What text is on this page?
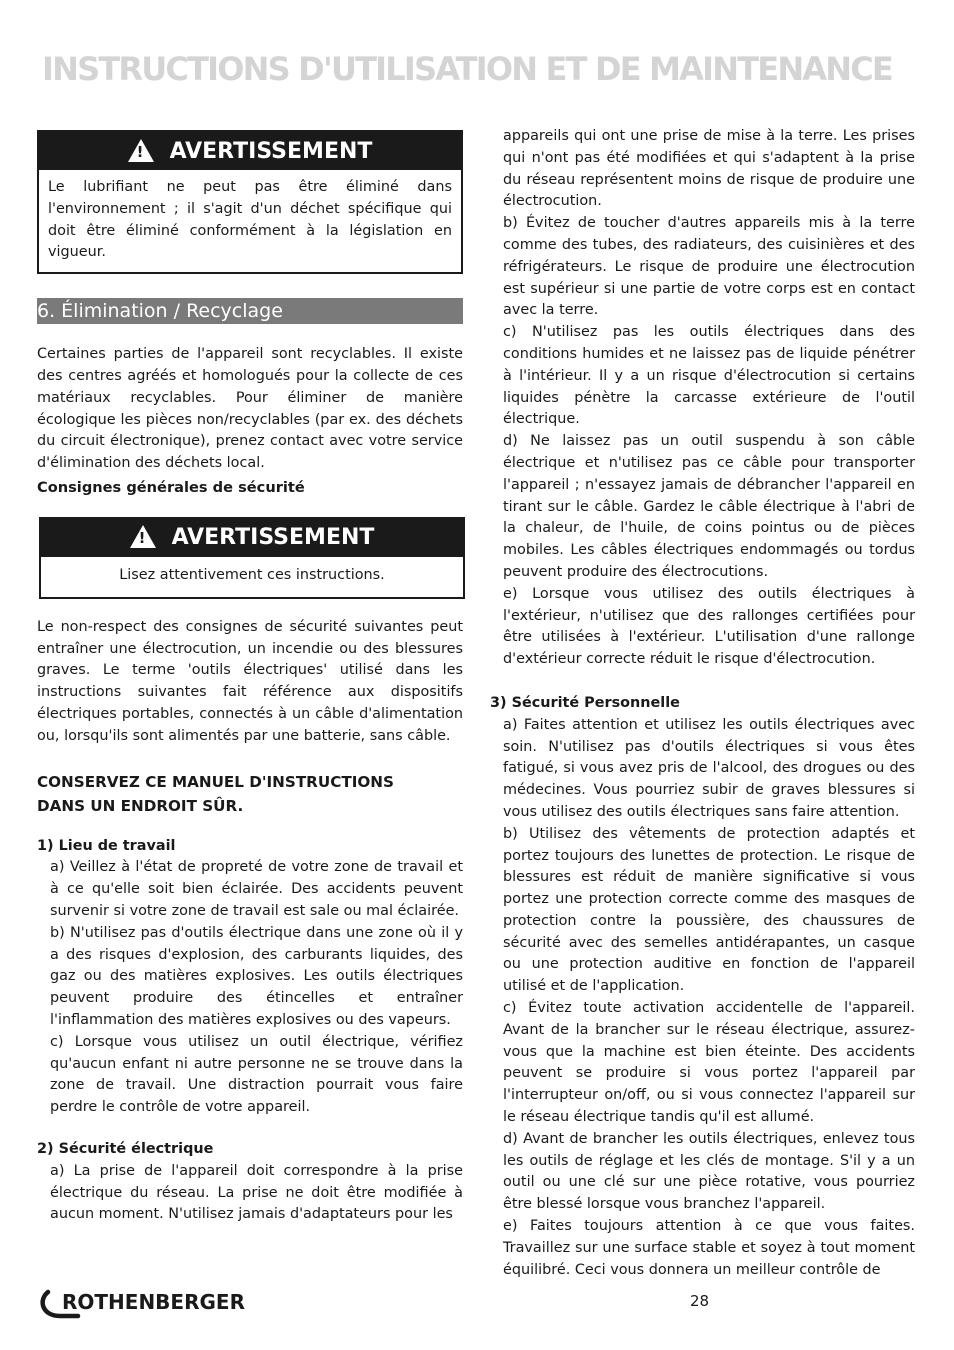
INSTRUCTIONS D'UTILISATION ET DE MAINTENANCE
! AVERTISSEMENT

Le lubrifiant ne peut pas être éliminé dans l'environnement ; il s'agit d'un déchet spécifique qui doit être éliminé conformément à la législation en vigueur.

6. Élimination / Recyclage

Certaines parties de l'appareil sont recyclables. Il existe des centres agréés et homologués pour la collecte de ces matériaux recyclables. Pour éliminer de manière écologique les pièces non/recyclables (par ex. des déchets du circuit électronique), prenez contact avec votre service d'élimination des déchets local.

Consignes générales de sécurité

! AVERTISSEMENT

Lisez attentivement ces instructions.

Le non-respect des consignes de sécurité suivantes peut entraîner une électrocution, un incendie ou des blessures graves. Le terme 'outils électriques' utilisé dans les instructions suivantes fait référence aux dispositifs électriques portables, connectés à un câble d'alimentation ou, lorsqu'ils sont alimentés par une batterie, sans câble.

CONSERVEZ CE MANUEL D'INSTRUCTIONS
DANS UN ENDROIT SÛR.

1) Lieu de travail

a) Veillez à l'état de propreté de votre zone de travail et à ce qu'elle soit bien éclairée. Des accidents peuvent survenir si votre zone de travail est sale ou mal éclairée.

b) N'utilisez pas d'outils électrique dans une zone où il y a des risques d'explosion, des carburants liquides, des gaz ou des matières explosives. Les outils électriques peuvent produire des étincelles et entraîner l'inflammation des matières explosives ou des vapeurs.

c) Lorsque vous utilisez un outil électrique, vérifiez qu'aucun enfant ni autre personne ne se trouve dans la zone de travail. Une distraction pourrait vous faire perdre le contrôle de votre appareil.

2) Sécurité électrique

a) La prise de l'appareil doit correspondre à la prise électrique du réseau. La prise ne doit être modifiée à aucun moment. N'utilisez jamais d'adaptateurs pour les

appareils qui ont une prise de mise à la terre. Les prises qui n'ont pas été modifiées et qui s'adaptent à la prise du réseau représentent moins de risque de produire une électrocution.

b) Évitez de toucher d'autres appareils mis à la terre comme des tubes, des radiateurs, des cuisinières et des réfrigérateurs. Le risque de produire une électrocution est supérieur si une partie de votre corps est en contact avec la terre.

c) N'utilisez pas les outils électriques dans des conditions humides et ne laissez pas de liquide pénétrer à l'intérieur. Il y a un risque d'électrocution si certains liquides pénètre la carcasse extérieure de l'outil électrique.

d) Ne laissez pas un outil suspendu à son câble électrique et n'utilisez pas ce câble pour transporter l'appareil ; n'essayez jamais de débrancher l'appareil en tirant sur le câble. Gardez le câble électrique à l'abri de la chaleur, de l'huile, de coins pointus ou de pièces mobiles. Les câbles électriques endommagés ou tordus peuvent produire des électrocutions.

e) Lorsque vous utilisez des outils électriques à l'extérieur, n'utilisez que des rallonges certifiées pour être utilisées à l'extérieur. L'utilisation d'une rallonge d'extérieur correcte réduit le risque d'électrocution.

3) Sécurité Personnelle

a) Faites attention et utilisez les outils électriques avec soin. N'utilisez pas d'outils électriques si vous êtes fatigué, si vous avez pris de l'alcool, des drogues ou des médecines. Vous pourriez subir de graves blessures si vous utilisez des outils électriques sans faire attention.

b) Utilisez des vêtements de protection adaptés et portez toujours des lunettes de protection. Le risque de blessures est réduit de manière significative si vous portez une protection correcte comme des masques de protection contre la poussière, des chaussures de sécurité avec des semelles antidérapantes, un casque ou une protection auditive en fonction de l'appareil utilisé et de l'application.

c) Évitez toute activation accidentelle de l'appareil. Avant de la brancher sur le réseau électrique, assurez-vous que la machine est bien éteinte. Des accidents peuvent se produire si vous portez l'appareil par l'interrupteur on/off, ou si vous connectez l'appareil sur le réseau électrique tandis qu'il est allumé.

d) Avant de brancher les outils électriques, enlevez tous les outils de réglage et les clés de montage. S'il y a un outil ou une clé sur une pièce rotative, vous pourriez être blessé lorsque vous branchez l'appareil.

e) Faites toujours attention à ce que vous faites. Travaillez sur une surface stable et soyez à tout moment équilibré. Ceci vous donnera un meilleur contrôle de

ROTHENBERGER	28
